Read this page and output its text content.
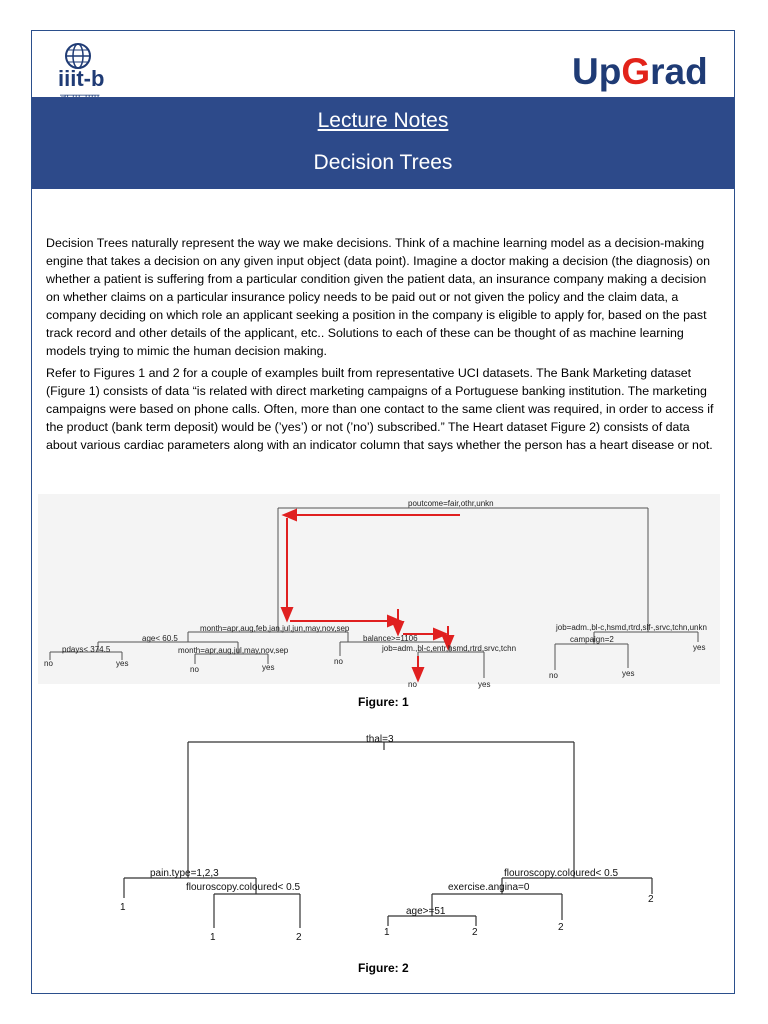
iiit-b	UpGrad
Lecture Notes
Decision Trees
Decision Trees naturally represent the way we make decisions. Think of a machine learning model as a decision-making engine that takes a decision on any given input object (data point). Imagine a doctor making a decision (the diagnosis) on whether a patient is suffering from a particular condition given the patient data, an insurance company making a decision on whether claims on a particular insurance policy needs to be paid out or not given the policy and the claim data, a company deciding on which role an applicant seeking a position in the company is eligible to apply for, based on the past track record and other details of the applicant, etc.. Solutions to each of these can be thought of as machine learning models trying to mimic the human decision making.
Refer to Figures 1 and 2 for a couple of examples built from representative UCI datasets. The Bank Marketing dataset (Figure 1) consists of data “is related with direct marketing campaigns of a Portuguese banking institution. The marketing campaigns were based on phone calls. Often, more than one contact to the same client was required, in order to access if the product (bank term deposit) would be (’yes’) or not (’no’) subscribed.” The Heart dataset Figure 2) consists of data about various cardiac parameters along with an indicator column that says whether the person has a heart disease or not.
poutcome=fair,othr,unkn
month=apr,aug,feb,jan,jul,jun,may,nov,sep
age< 60.5
pdays< 374.5	month=apr,aug,jul,may,nov,sep
balance>=1106
job=adm.,bl-c,entr,hsmd,rtrd,srvc,tchn
job=adm.,bl-c,hsmd,rtrd,slf-,srvc,tchn,unkn
campaign=2
no	yes
no	yes
no
no	yes
no	yes
yes
Figure: 1
thal=3
pain.type=1,2,3
flouroscopy.coloured< 0.5
flouroscopy.coloured< 0.5
exercise.angina=0
age>=51
1
1	2	1	2	2
2
Figure: 2
